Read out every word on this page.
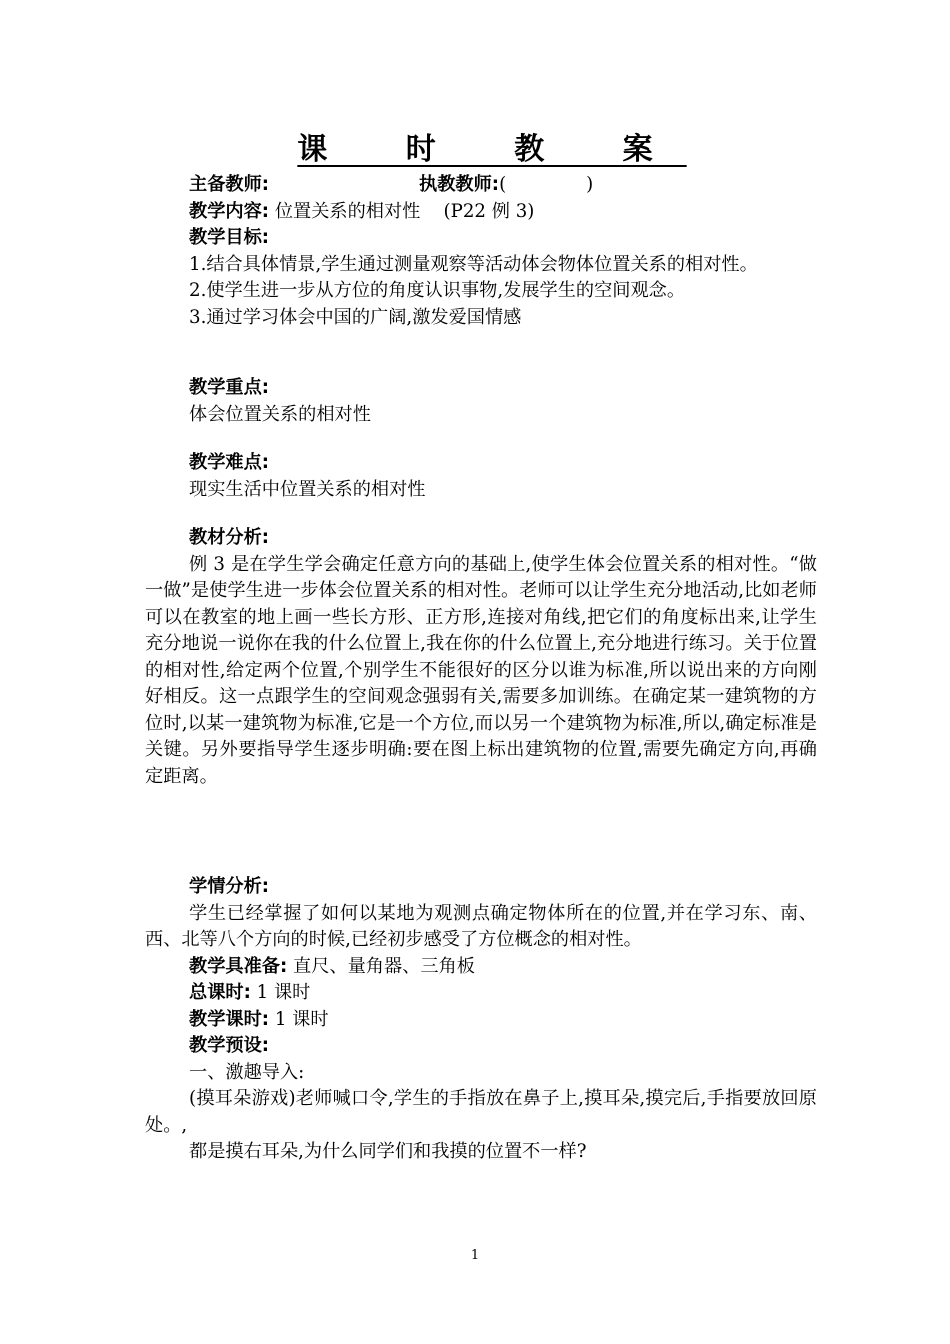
课 时 教 案
主备教师:	执教教师:(	)
教学内容: 位置关系的相对性 (P22 例 3)
教学目标:
1.结合具体情景,学生通过测量观察等活动体会物体位置关系的相对性。
2.使学生进一步从方位的角度认识事物,发展学生的空间观念。
3.通过学习体会中国的广阔,激发爱国情感
教学重点:
体会位置关系的相对性
教学难点:
现实生活中位置关系的相对性
教材分析:
例 3 是在学生学会确定任意方向的基础上,使学生体会位置关系的相对性。“做一做”是使学生进一步体会位置关系的相对性。老师可以让学生充分地活动,比如老师可以在教室的地上画一些长方形、正方形,连接对角线,把它们的角度标出来,让学生充分地说一说你在我的什么位置上,我在你的什么位置上,充分地进行练习。关于位置的相对性,给定两个位置,个别学生不能很好的区分以谁为标准,所以说出来的方向刚好相反。这一点跟学生的空间观念强弱有关,需要多加训练。在确定某一建筑物的方位时,以某一建筑物为标准,它是一个方位,而以另一个建筑物为标准,所以,确定标准是关键。另外要指导学生逐步明确:要在图上标出建筑物的位置,需要先确定方向,再确定距离。
学情分析:
学生已经掌握了如何以某地为观测点确定物体所在的位置,并在学习东、南、西、北等八个方向的时候,已经初步感受了方位概念的相对性。
教学具准备: 直尺、量角器、三角板
总课时: 1 课时
教学课时: 1 课时
教学预设:
一、激趣导入:
(摸耳朵游戏)老师喊口令,学生的手指放在鼻子上,摸耳朵,摸完后,手指要放回原处。,
都是摸右耳朵,为什么同学们和我摸的位置不一样?
1
